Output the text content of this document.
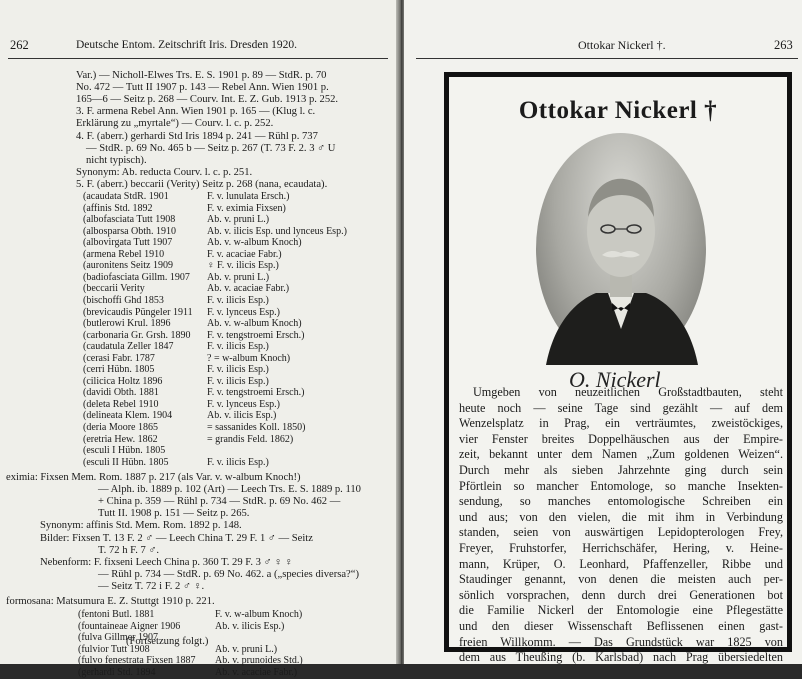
262	Deutsche Entom. Zeitschrift Iris. Dresden 1920.
Var.) — Nicholl-Elwes Trs. E. S. 1901 p. 89 — StdR. p. 70
No. 472 — Tutt II 1907 p. 143 — Rebel Ann. Wien 1901 p.
165—6 — Seitz p. 268 — Courv. Int. E. Z. Gub. 1913 p. 252.
3. F. armena Rebel Ann. Wien 1901 p. 165 — (Klug l. c.
Erklärung zu „myrtale“) — Courv. l. c. p. 252.
4. F. (aberr.) gerhardi Std Iris 1894 p. 241 — Rühl p. 737
— StdR. p. 69 No. 465 b — Seitz p. 267 (T. 73 F. 2. 3 ♂ U
nicht typisch).
Synonym: Ab. reducta Courv. l. c. p. 251.
5. F. (aberr.) beccarii (Verity) Seitz p. 268 (nana, ecaudata).
(acaudata StdR. 1901	F. v. lunulata Ersch.)
(affinis Std. 1892	F. v. eximia Fixsen)
(albofasciata Tutt 1908	Ab. v. pruni L.)
(albosparsa Obth. 1910	Ab. v. ilicis Esp. und lynceus Esp.)
(albovirgata Tutt 1907	Ab. v. w-album Knoch)
(armena Rebel 1910	F. v. acaciae Fabr.)
(auronitens Seitz 1909	♀ F. v. ilicis Esp.)
(badiofasciata Gillm. 1907 Ab. v. pruni L.)
(beccarii Verity	Ab. v. acaciae Fabr.)
(bischoffi Ghd 1853	F. v. ilicis Esp.)
(brevicaudis Püngeler 1911 F. v. lynceus Esp.)
(butlerowi Krul. 1896	Ab. v. w-album Knoch)
(carbonaria Gr. Grsh. 1890 F. v. tengstroemi Ersch.)
(caudatula Zeller 1847	F. v. ilicis Esp.)
(cerasi Fabr. 1787	? = w-album Knoch)
(cerri Hübn. 1805	F. v. ilicis Esp.)
(cilicica Holtz 1896	F. v. ilicis Esp.)
(davidi Obth. 1881	F. v. tengstroemi Ersch.)
(deleta Rebel 1910	F. v. lynceus Esp.)
(delineata Klem. 1904	Ab. v. ilicis Esp.)
(deria Moore 1865	= sassanides Koll. 1850)
(eretria Hew. 1862	= grandis Feld. 1862)
(esculi I Hübn. 1805
(esculi II Hübn. 1805	F. v. ilicis Esp.)
eximia: Fixsen Mem. Rom. 1887 p. 217 (als Var. v. w-album Knoch!)
— Alph. ib. 1889 p. 102 (Art) — Leech Trs. E. S. 1889 p. 110
+ China p. 359 — Rühl p. 734 — StdR. p. 69 No. 462 —
Tutt II. 1908 p. 151 — Seitz p. 265.
Synonym: affinis Std. Mem. Rom. 1892 p. 148.
Bilder: Fixsen T. 13 F. 2 ♂ — Leech China T. 29 F. 1 ♂ — Seitz
T. 72 h F. 7 ♂.
Nebenform: F. fixseni Leech China p. 360 T. 29 F. 3 ♂ ♀ ♀
— Rühl p. 734 — StdR. p. 69 No. 462. a („species diversa?“)
— Seitz T. 72 i F. 2 ♂ ♀.
formosana: Matsumura E. Z. Stuttgt 1910 p. 221.
(fentoni Butl. 1881	F. v. w-album Knoch)
(fountaineae Aigner 1906	Ab. v. ilicis Esp.)
(fulva Gillmer 1907
(fulvior Tutt 1908	Ab. v. pruni L.)
(fulvo fenestrata Fixsen 1887 Ab. v. prunoides Std.)
(gerhardi Std. 1894	Ab. v. acaciae Fabr.)
(Fortsetzung folgt.)
Ottokar Nickerl †.	263
Ottokar Nickerl †
O. Nickerl
Umgeben von neuzeitlichen Großstadtbauten, steht
heute noch — seine Tage sind gezählt — auf dem
Wenzelsplatz in Prag, ein verträumtes, zweistöckiges,
vier Fenster breites Doppelhäuschen aus der Empire-
zeit, bekannt unter dem Namen „Zum goldenen Weizen“.
Durch mehr als sieben Jahrzehnte ging durch sein
Pförtlein so mancher Entomologe, so manche Insekten-
sendung, so manches entomologische Schreiben ein
und aus; von den vielen, die mit ihm in Verbindung
standen, seien von auswärtigen Lepidopterologen Frey,
Freyer, Fruhstorfer, Herrichschäfer, Hering, v. Heine-
mann, Krüper, O. Leonhard, Pfaffenzeller, Ribbe und
Staudinger genannt, von denen die meisten auch per-
sönlich vorsprachen, denn durch drei Generationen bot
die Familie Nickerl der Entomologie eine Pflegestätte
und den dieser Wissenschaft Beflissenen einen gast-
freien Willkomm. — Das Grundstück war 1825 von
dem aus Theußing (b. Karlsbad) nach Prag übersiedelten
